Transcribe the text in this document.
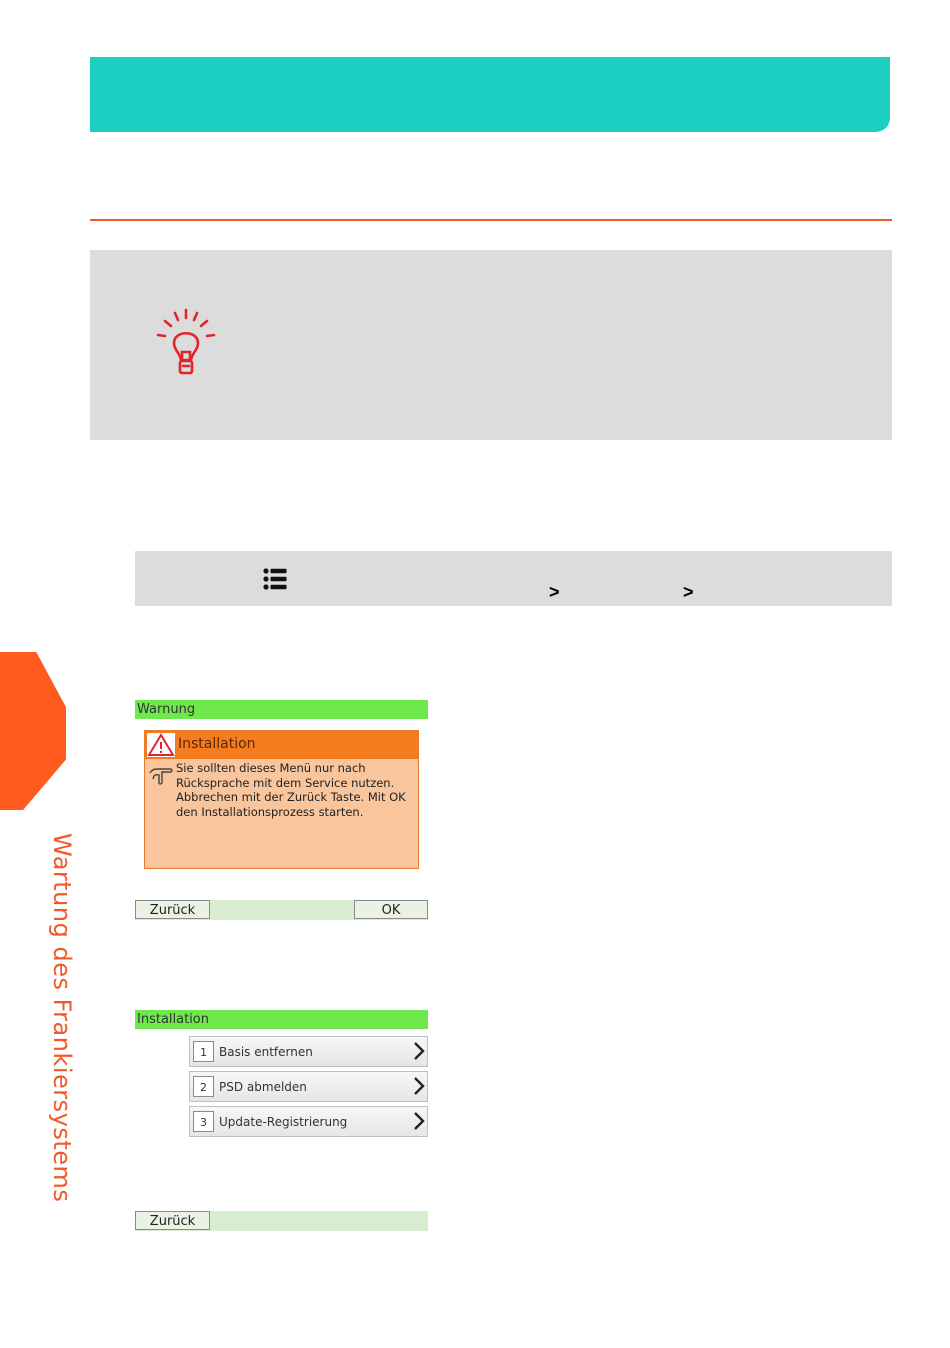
>	>
Wartung des Frankiersystems
Warnung
Installation
Sie sollten dieses Menü nur nach Rücksprache mit dem Service nutzen. Abbrechen mit der Zurück Taste. Mit OK den Installationsprozess starten.
Zurück	OK
Installation
1	Basis entfernen
2	PSD abmelden
3	Update-Registrierung
Zurück
